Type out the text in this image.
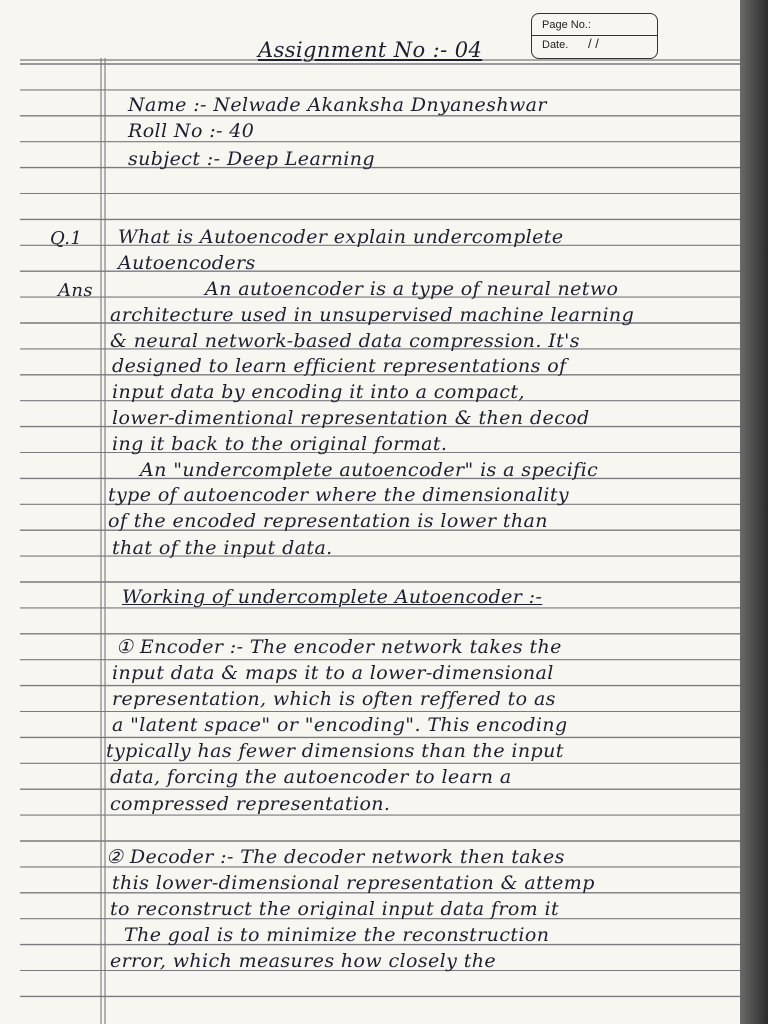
Page No.:
Date. / /
Assignment No :- 04
Name :- Nelwade Akanksha Dnyaneshwar
Roll No :- 40
subject :- Deep Learning
Q.1 What is Autoencoder explain undercomplete
Autoencoders
Ans	An autoencoder is a type of neural netwo
architecture used in unsupervised machine learning
& neural network-based data compression. It's
designed to learn efficient representations of
input data by encoding it into a compact,
lower-dimentional representation & then decod
ing it back to the original format.
An "undercomplete autoencoder" is a specific
type of autoencoder where the dimensionality
of the encoded representation is lower than
that of the input data.
Working of undercomplete Autoencoder :-
① Encoder :- The encoder network takes the
input data & maps it to a lower-dimensional
representation, which is often reffered to as
a "latent space" or "encoding". This encoding
typically has fewer dimensions than the input
data, forcing the autoencoder to learn a
compressed representation.
② Decoder :- The decoder network then takes
this lower-dimensional representation & attemp
to reconstruct the original input data from it
The goal is to minimize the reconstruction
error, which measures how closely the
